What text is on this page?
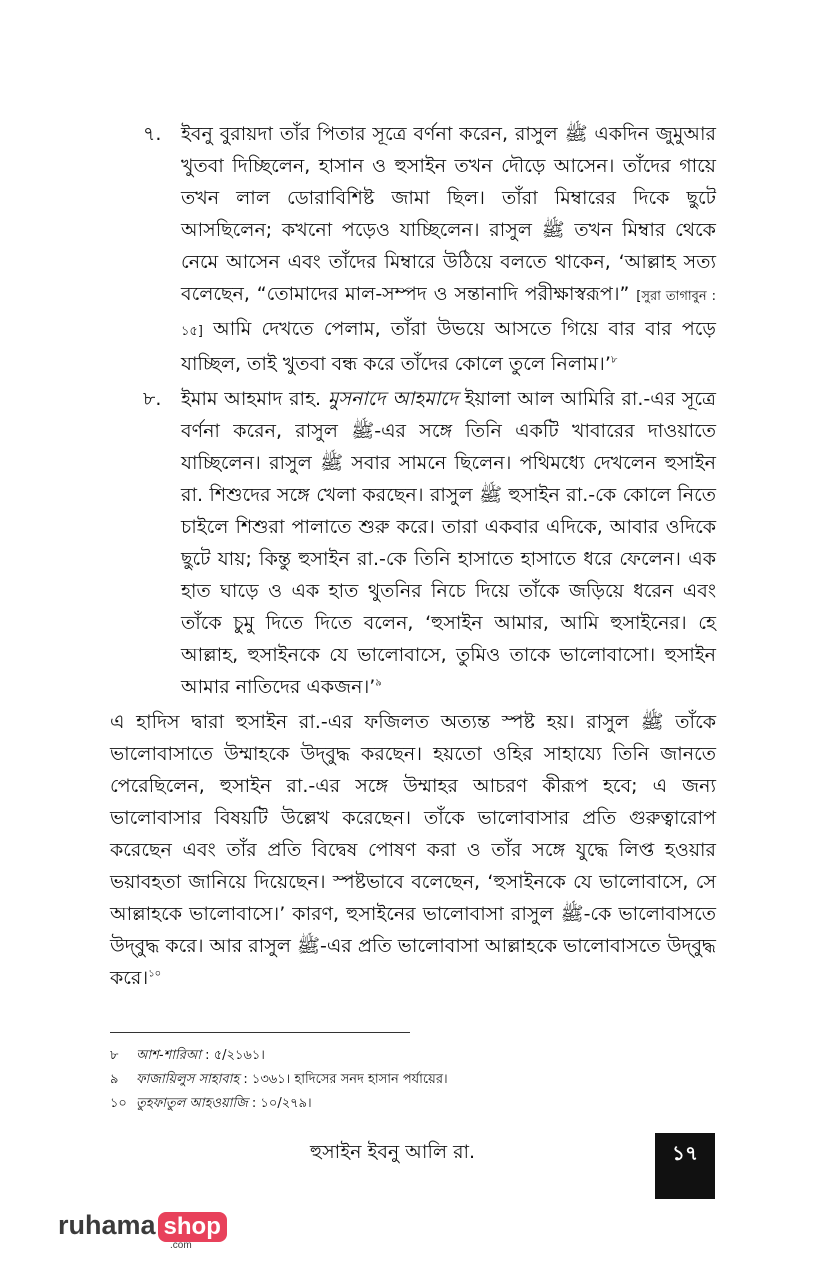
৭. ইবনু বুরায়দা তাঁর পিতার সূত্রে বর্ণনা করেন, রাসুল ﷺ একদিন জুমুআর খুতবা দিচ্ছিলেন, হাসান ও হুসাইন তখন দৌড়ে আসেন। তাঁদের গায়ে তখন লাল ডোরাবিশিষ্ট জামা ছিল। তাঁরা মিম্বারের দিকে ছুটে আসছিলেন; কখনো পড়েও যাচ্ছিলেন। রাসুল ﷺ তখন মিম্বার থেকে নেমে আসেন এবং তাঁদের মিম্বারে উঠিয়ে বলতে থাকেন, ‘আল্লাহ সত্য বলেছেন, “তোমাদের মাল-সম্পদ ও সন্তানাদি পরীক্ষাস্বরূপ।” [সুরা তাগাবুন : ১৫] আমি দেখতে পেলাম, তাঁরা উভয়ে আসতে গিয়ে বার বার পড়ে যাচ্ছিল, তাই খুতবা বন্ধ করে তাঁদের কোলে তুলে নিলাম।’$^৮$
৮. ইমাম আহমাদ রাহ. মুসনাদে আহমাদে ইয়ালা আল আমিরি রা.-এর সূত্রে বর্ণনা করেন, রাসুল ﷺ-এর সঙ্গে তিনি একটি খাবারের দাওয়াতে যাচ্ছিলেন। রাসুল ﷺ সবার সামনে ছিলেন। পথিমধ্যে দেখলেন হুসাইন রা. শিশুদের সঙ্গে খেলা করছেন। রাসুল ﷺ হুসাইন রা.-কে কোলে নিতে চাইলে শিশুরা পালাতে শুরু করে। তারা একবার এদিকে, আবার ওদিকে ছুটে যায়; কিন্তু হুসাইন রা.-কে তিনি হাসাতে হাসাতে ধরে ফেলেন। এক হাত ঘাড়ে ও এক হাত থুতনির নিচে দিয়ে তাঁকে জড়িয়ে ধরেন এবং তাঁকে চুমু দিতে দিতে বলেন, ‘হুসাইন আমার, আমি হুসাইনের। হে আল্লাহ, হুসাইনকে যে ভালোবাসে, তুমিও তাকে ভালোবাসো। হুসাইন আমার নাতিদের একজন।’$^৯$
এ হাদিস দ্বারা হুসাইন রা.-এর ফজিলত অত্যন্ত স্পষ্ট হয়। রাসুল ﷺ তাঁকে ভালোবাসাতে উম্মাহকে উদ্‌বুদ্ধ করছেন। হয়তো ওহির সাহায্যে তিনি জানতে পেরেছিলেন, হুসাইন রা.-এর সঙ্গে উম্মাহর আচরণ কীরূপ হবে; এ জন্য ভালোবাসার বিষয়টি উল্লেখ করেছেন। তাঁকে ভালোবাসার প্রতি গুরুত্বারোপ করেছেন এবং তাঁর প্রতি বিদ্বেষ পোষণ করা ও তাঁর সঙ্গে যুদ্ধে লিপ্ত হওয়ার ভয়াবহতা জানিয়ে দিয়েছেন। স্পষ্টভাবে বলেছেন, ‘হুসাইনকে যে ভালোবাসে, সে আল্লাহকে ভালোবাসে।’ কারণ, হুসাইনের ভালোবাসা রাসুল ﷺ-কে ভালোবাসতে উদ্‌বুদ্ধ করে। আর রাসুল ﷺ-এর প্রতি ভালোবাসা আল্লাহকে ভালোবাসতে উদ্‌বুদ্ধ করে।$^{১০}$
৮ আশ-শারিআ : ৫/২১৬১।
৯ ফাজায়িলুস সাহাবাহ : ১৩৬১। হাদিসের সনদ হাসান পর্যায়ের।
১০ তুহফাতুল আহওয়াজি : ১০/২৭৯।
হুসাইন ইবনু আলি রা.	১৭
ruhama shop
.com
